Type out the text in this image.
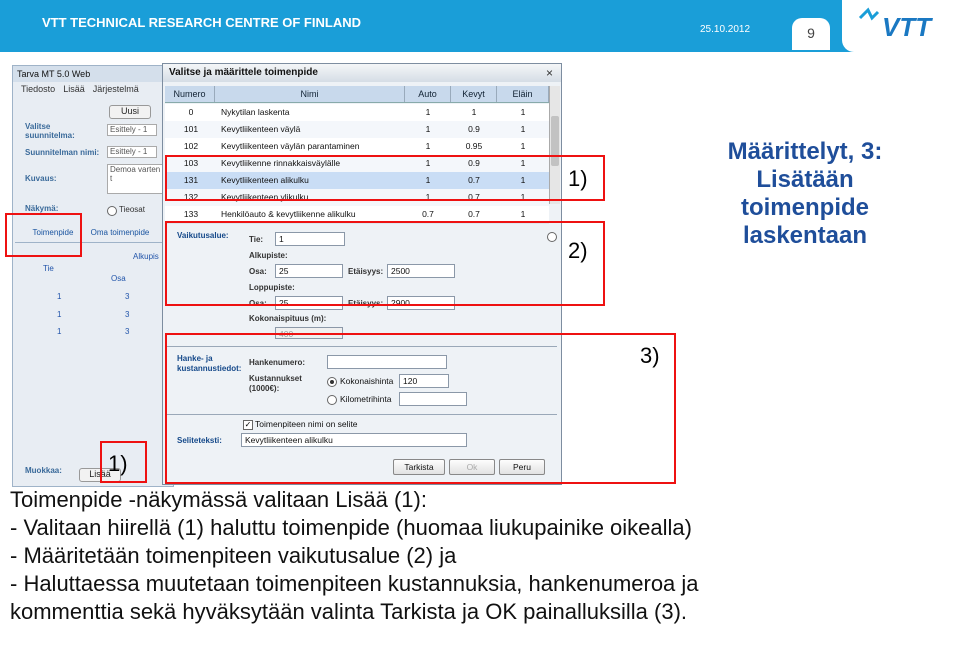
VTT TECHNICAL RESEARCH CENTRE OF FINLAND	25.10.2012	9	VTT
Tarva MT 5.0 Web
Tiedosto Lisää Järjestelmä
Uusi
Valitse suunnitelma:
Esittely - 1
Suunnitelman nimi:	Esittely - 1
Kuvaus:
Demoa varten t
Näkymä:	Tieosat
Toimenpide	Oma toimenpide
Alkupis
Tie
Osa
1	3
1	3
1	3
Muokkaa:	Lisää
Valitse ja määrittele toimenpide	×
Numero	Nimi	Auto	Kevyt	Eläin
Vaikutusalue:	Tie:	1
Alkupiste:
Osa:	25	Etäisyys: 2500
Loppupiste:
Osa:	25	Etäisyys: 2900
Kokonaispituus (m):
400
Hanke- ja kustannustiedot:
Hankenumero:
Kustannukset (1000€):
Kokonaishinta	120
Kilometrihinta
✓ Toimenpiteen nimi on selite
Seliteteksti:	Kevytliikenteen alikulku
Tarkista	Ok	Peru
0	Nykytilan laskenta	1	1	1
101	Kevytliikenteen väylä	1	0.9	1
102	Kevytliikenteen väylän parantaminen	1	0.95	1
103	Kevytliikenne rinnakkaisväylälle	1	0.9	1
131	Kevytliikenteen alikulku	1	0.7	1
132	Kevytliikenteen ylikulku	1	0.7	1
133	Henkilöauto & kevytliikenne alikulku	0.7	0.7	1
1)
2)
3)
1)
Määrittelyt, 3:
Lisätään
toimenpide
laskentaan
Toimenpide -näkymässä valitaan Lisää (1):
- Valitaan hiirellä (1) haluttu toimenpide (huomaa liukupainike oikealla)
- Määritetään toimenpiteen vaikutusalue (2) ja
- Haluttaessa muutetaan toimenpiteen kustannuksia, hankenumeroa ja
kommenttia sekä hyväksytään valinta Tarkista ja OK painalluksilla (3).
